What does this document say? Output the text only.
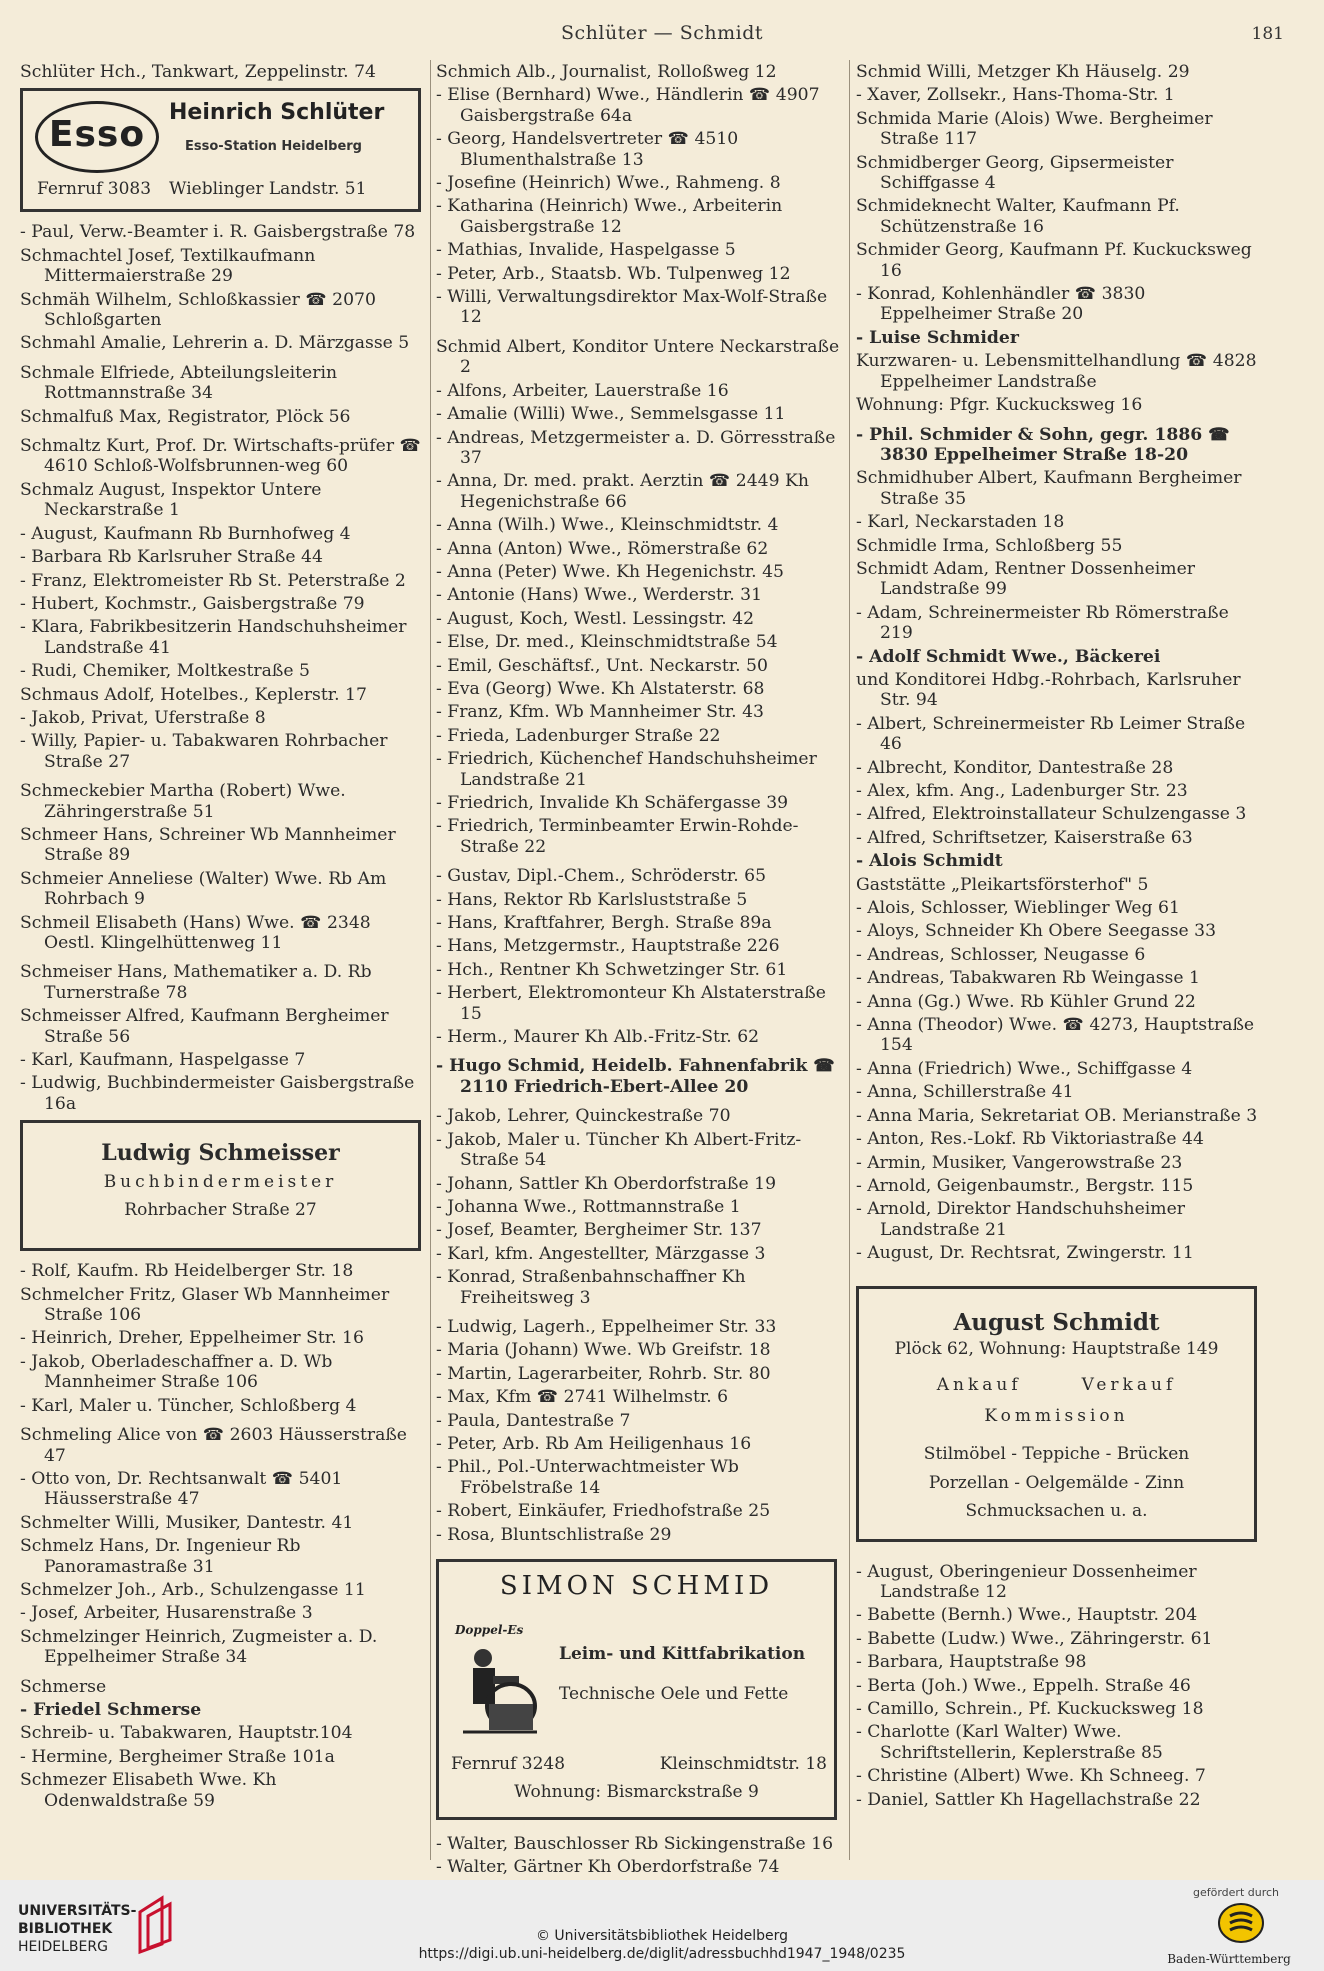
Schlüter — Schmidt	181
Schlüter Hch., Tankwart, Zeppelinstr. 74
Esso
Heinrich Schlüter
Esso-Station Heidelberg
Fernruf 3083 Wieblinger Landstr. 51
- Paul, Verw.-Beamter i. R. Gaisbergstraße 78
Schmachtel Josef, Textilkaufmann Mittermaierstraße 29
Schmäh Wilhelm, Schloßkassier ☎ 2070 Schloßgarten
Schmahl Amalie, Lehrerin a. D. Märzgasse 5
Schmale Elfriede, Abteilungsleiterin Rottmannstraße 34
Schmalfuß Max, Registrator, Plöck 56
Schmaltz Kurt, Prof. Dr. Wirtschafts-prüfer ☎ 4610 Schloß-Wolfsbrunnen-weg 60
Schmalz August, Inspektor Untere Neckarstraße 1
- August, Kaufmann Rb Burnhofweg 4
- Barbara Rb Karlsruher Straße 44
- Franz, Elektromeister Rb St. Peterstraße 2
- Hubert, Kochmstr., Gaisbergstraße 79
- Klara, Fabrikbesitzerin Handschuhsheimer Landstraße 41
- Rudi, Chemiker, Moltkestraße 5
Schmaus Adolf, Hotelbes., Keplerstr. 17
- Jakob, Privat, Uferstraße 8
- Willy, Papier- u. Tabakwaren Rohrbacher Straße 27
Schmeckebier Martha (Robert) Wwe. Zähringerstraße 51
Schmeer Hans, Schreiner Wb Mannheimer Straße 89
Schmeier Anneliese (Walter) Wwe. Rb Am Rohrbach 9
Schmeil Elisabeth (Hans) Wwe. ☎ 2348 Oestl. Klingelhüttenweg 11
Schmeiser Hans, Mathematiker a. D. Rb Turnerstraße 78
Schmeisser Alfred, Kaufmann Bergheimer Straße 56
- Karl, Kaufmann, Haspelgasse 7
- Ludwig, Buchbindermeister Gaisbergstraße 16a
Ludwig Schmeisser
Buchbindermeister
Rohrbacher Straße 27
- Rolf, Kaufm. Rb Heidelberger Str. 18
Schmelcher Fritz, Glaser Wb Mannheimer Straße 106
- Heinrich, Dreher, Eppelheimer Str. 16
- Jakob, Oberladeschaffner a. D. Wb Mannheimer Straße 106
- Karl, Maler u. Tüncher, Schloßberg 4
Schmeling Alice von ☎ 2603 Häusserstraße 47
- Otto von, Dr. Rechtsanwalt ☎ 5401 Häusserstraße 47
Schmelter Willi, Musiker, Dantestr. 41
Schmelz Hans, Dr. Ingenieur Rb Panoramastraße 31
Schmelzer Joh., Arb., Schulzengasse 11
- Josef, Arbeiter, Husarenstraße 3
Schmelzinger Heinrich, Zugmeister a. D. Eppelheimer Straße 34
Schmerse
- Friedel Schmerse
Schreib- u. Tabakwaren, Hauptstr.104
- Hermine, Bergheimer Straße 101a
Schmezer Elisabeth Wwe. Kh Odenwaldstraße 59
Schmich Alb., Journalist, Rolloßweg 12
- Elise (Bernhard) Wwe., Händlerin ☎ 4907 Gaisbergstraße 64a
- Georg, Handelsvertreter ☎ 4510 Blumenthalstraße 13
- Josefine (Heinrich) Wwe., Rahmeng. 8
- Katharina (Heinrich) Wwe., Arbeiterin Gaisbergstraße 12
- Mathias, Invalide, Haspelgasse 5
- Peter, Arb., Staatsb. Wb. Tulpenweg 12
- Willi, Verwaltungsdirektor Max-Wolf-Straße 12
Schmid Albert, Konditor Untere Neckarstraße 2
- Alfons, Arbeiter, Lauerstraße 16
- Amalie (Willi) Wwe., Semmelsgasse 11
- Andreas, Metzgermeister a. D. Görresstraße 37
- Anna, Dr. med. prakt. Aerztin ☎ 2449 Kh Hegenichstraße 66
- Anna (Wilh.) Wwe., Kleinschmidtstr. 4
- Anna (Anton) Wwe., Römerstraße 62
- Anna (Peter) Wwe. Kh Hegenichstr. 45
- Antonie (Hans) Wwe., Werderstr. 31
- August, Koch, Westl. Lessingstr. 42
- Else, Dr. med., Kleinschmidtstraße 54
- Emil, Geschäftsf., Unt. Neckarstr. 50
- Eva (Georg) Wwe. Kh Alstaterstr. 68
- Franz, Kfm. Wb Mannheimer Str. 43
- Frieda, Ladenburger Straße 22
- Friedrich, Küchenchef Handschuhsheimer Landstraße 21
- Friedrich, Invalide Kh Schäfergasse 39
- Friedrich, Terminbeamter Erwin-Rohde-Straße 22
- Gustav, Dipl.-Chem., Schröderstr. 65
- Hans, Rektor Rb Karlsluststraße 5
- Hans, Kraftfahrer, Bergh. Straße 89a
- Hans, Metzgermstr., Hauptstraße 226
- Hch., Rentner Kh Schwetzinger Str. 61
- Herbert, Elektromonteur Kh Alstaterstraße 15
- Herm., Maurer Kh Alb.-Fritz-Str. 62
- Hugo Schmid, Heidelb. Fahnenfabrik ☎ 2110 Friedrich-Ebert-Allee 20
- Jakob, Lehrer, Quinckestraße 70
- Jakob, Maler u. Tüncher Kh Albert-Fritz-Straße 54
- Johann, Sattler Kh Oberdorfstraße 19
- Johanna Wwe., Rottmannstraße 1
- Josef, Beamter, Bergheimer Str. 137
- Karl, kfm. Angestellter, Märzgasse 3
- Konrad, Straßenbahnschaffner Kh Freiheitsweg 3
- Ludwig, Lagerh., Eppelheimer Str. 33
- Maria (Johann) Wwe. Wb Greifstr. 18
- Martin, Lagerarbeiter, Rohrb. Str. 80
- Max, Kfm ☎ 2741 Wilhelmstr. 6
- Paula, Dantestraße 7
- Peter, Arb. Rb Am Heiligenhaus 16
- Phil., Pol.-Unterwachtmeister Wb Fröbelstraße 14
- Robert, Einkäufer, Friedhofstraße 25
- Rosa, Bluntschlistraße 29
SIMON SCHMID
Doppel-Es
Leim- und Kittfabrikation
Technische Oele und Fette
Fernruf 3248	Kleinschmidtstr. 18
Wohnung: Bismarckstraße 9
- Walter, Bauschlosser Rb Sickingenstraße 16
- Walter, Gärtner Kh Oberdorfstraße 74
Schmid Willi, Metzger Kh Häuselg. 29
- Xaver, Zollsekr., Hans-Thoma-Str. 1
Schmida Marie (Alois) Wwe. Bergheimer Straße 117
Schmidberger Georg, Gipsermeister Schiffgasse 4
Schmideknecht Walter, Kaufmann Pf. Schützenstraße 16
Schmider Georg, Kaufmann Pf. Kuckucksweg 16
- Konrad, Kohlenhändler ☎ 3830 Eppelheimer Straße 20
- Luise Schmider
Kurzwaren- u. Lebensmittelhandlung ☎ 4828 Eppelheimer Landstraße
Wohnung: Pfgr. Kuckucksweg 16
- Phil. Schmider & Sohn, gegr. 1886 ☎ 3830 Eppelheimer Straße 18-20
Schmidhuber Albert, Kaufmann Bergheimer Straße 35
- Karl, Neckarstaden 18
Schmidle Irma, Schloßberg 55
Schmidt Adam, Rentner Dossenheimer Landstraße 99
- Adam, Schreinermeister Rb Römerstraße 219
- Adolf Schmidt Wwe., Bäckerei
und Konditorei Hdbg.-Rohrbach, Karlsruher Str. 94
- Albert, Schreinermeister Rb Leimer Straße 46
- Albrecht, Konditor, Dantestraße 28
- Alex, kfm. Ang., Ladenburger Str. 23
- Alfred, Elektroinstallateur Schulzengasse 3
- Alfred, Schriftsetzer, Kaiserstraße 63
- Alois Schmidt
Gaststätte „Pleikartsförsterhof" 5
- Alois, Schlosser, Wieblinger Weg 61
- Aloys, Schneider Kh Obere Seegasse 33
- Andreas, Schlosser, Neugasse 6
- Andreas, Tabakwaren Rb Weingasse 1
- Anna (Gg.) Wwe. Rb Kühler Grund 22
- Anna (Theodor) Wwe. ☎ 4273, Hauptstraße 154
- Anna (Friedrich) Wwe., Schiffgasse 4
- Anna, Schillerstraße 41
- Anna Maria, Sekretariat OB. Merianstraße 3
- Anton, Res.-Lokf. Rb Viktoriastraße 44
- Armin, Musiker, Vangerowstraße 23
- Arnold, Geigenbaumstr., Bergstr. 115
- Arnold, Direktor Handschuhsheimer Landstraße 21
- August, Dr. Rechtsrat, Zwingerstr. 11
August Schmidt
Plöck 62, Wohnung: Hauptstraße 149
Ankauf	Verkauf
Kommission
Stilmöbel - Teppiche - Brücken
Porzellan - Oelgemälde - Zinn
Schmucksachen u. a.
- August, Oberingenieur Dossenheimer Landstraße 12
- Babette (Bernh.) Wwe., Hauptstr. 204
- Babette (Ludw.) Wwe., Zähringerstr. 61
- Barbara, Hauptstraße 98
- Berta (Joh.) Wwe., Eppelh. Straße 46
- Camillo, Schrein., Pf. Kuckucksweg 18
- Charlotte (Karl Walter) Wwe. Schriftstellerin, Keplerstraße 85
- Christine (Albert) Wwe. Kh Schneeg. 7
- Daniel, Sattler Kh Hagellachstraße 22
UNIVERSITÄTS-
BIBLIOTHEK
HEIDELBERG
© Universitätsbibliothek Heidelberg
https://digi.ub.uni-heidelberg.de/diglit/adressbuchhd1947_1948/0235
gefördert durch
Baden-Württemberg
